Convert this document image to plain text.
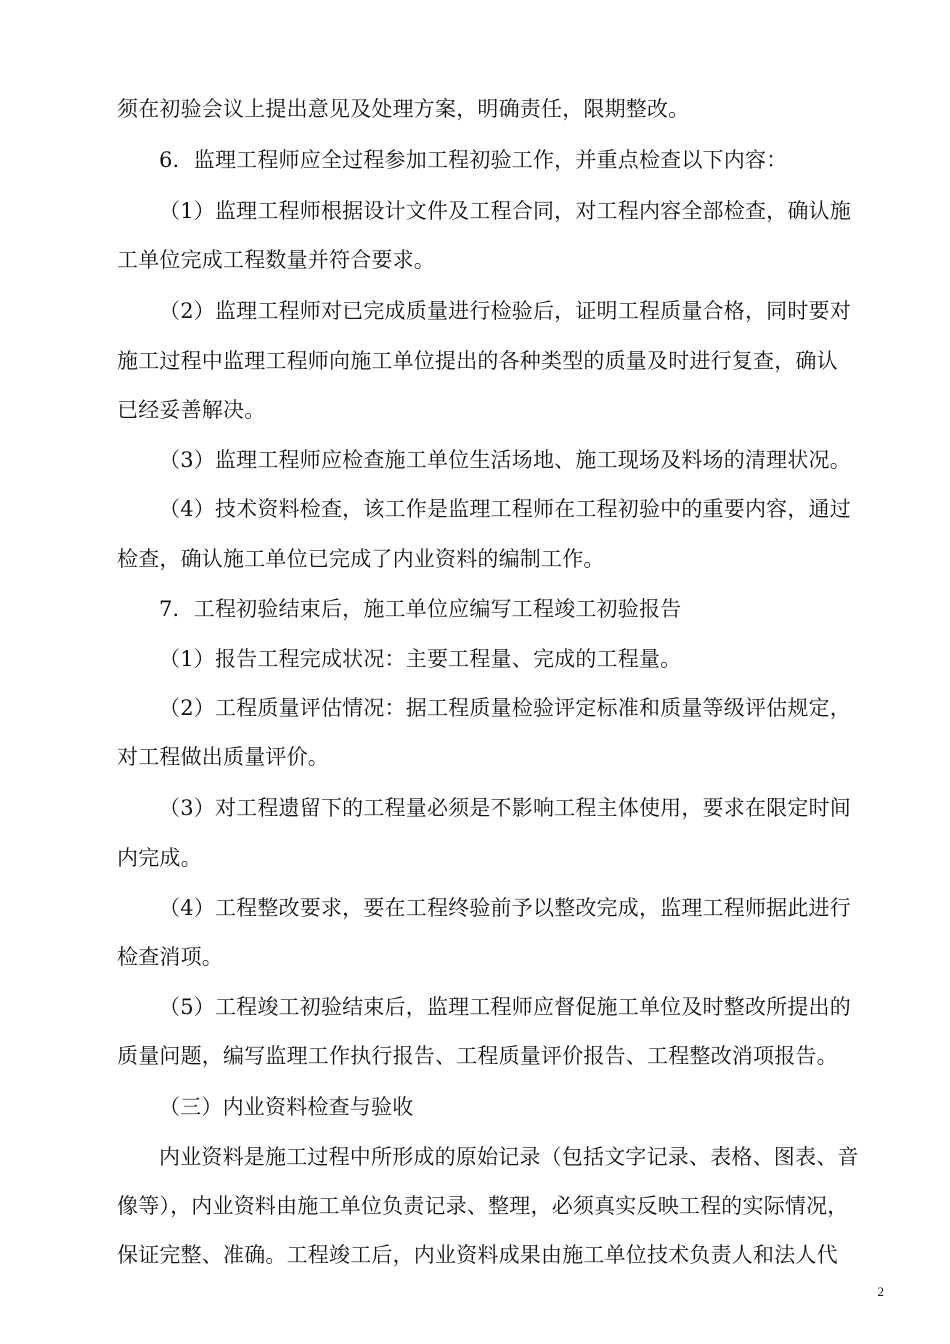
须在初验会议上提出意见及处理方案，明确责任，限期整改。
6．监理工程师应全过程参加工程初验工作，并重点检查以下内容：
（1）监理工程师根据设计文件及工程合同，对工程内容全部检查，确认施
工单位完成工程数量并符合要求。
（2）监理工程师对已完成质量进行检验后，证明工程质量合格，同时要对
施工过程中监理工程师向施工单位提出的各种类型的质量及时进行复查，确认
已经妥善解决。
（3）监理工程师应检查施工单位生活场地、施工现场及料场的清理状况。
（4）技术资料检查，该工作是监理工程师在工程初验中的重要内容，通过
检查，确认施工单位已完成了内业资料的编制工作。
7．工程初验结束后，施工单位应编写工程竣工初验报告
（1）报告工程完成状况：主要工程量、完成的工程量。
（2）工程质量评估情况：据工程质量检验评定标准和质量等级评估规定，
对工程做出质量评价。
（3）对工程遗留下的工程量必须是不影响工程主体使用，要求在限定时间
内完成。
（4）工程整改要求，要在工程终验前予以整改完成，监理工程师据此进行
检查消项。
（5）工程竣工初验结束后，监理工程师应督促施工单位及时整改所提出的
质量问题，编写监理工作执行报告、工程质量评价报告、工程整改消项报告。
（三）内业资料检查与验收
内业资料是施工过程中所形成的原始记录（包括文字记录、表格、图表、音
像等），内业资料由施工单位负责记录、整理，必须真实反映工程的实际情况，
保证完整、准确。工程竣工后，内业资料成果由施工单位技术负责人和法人代
2
